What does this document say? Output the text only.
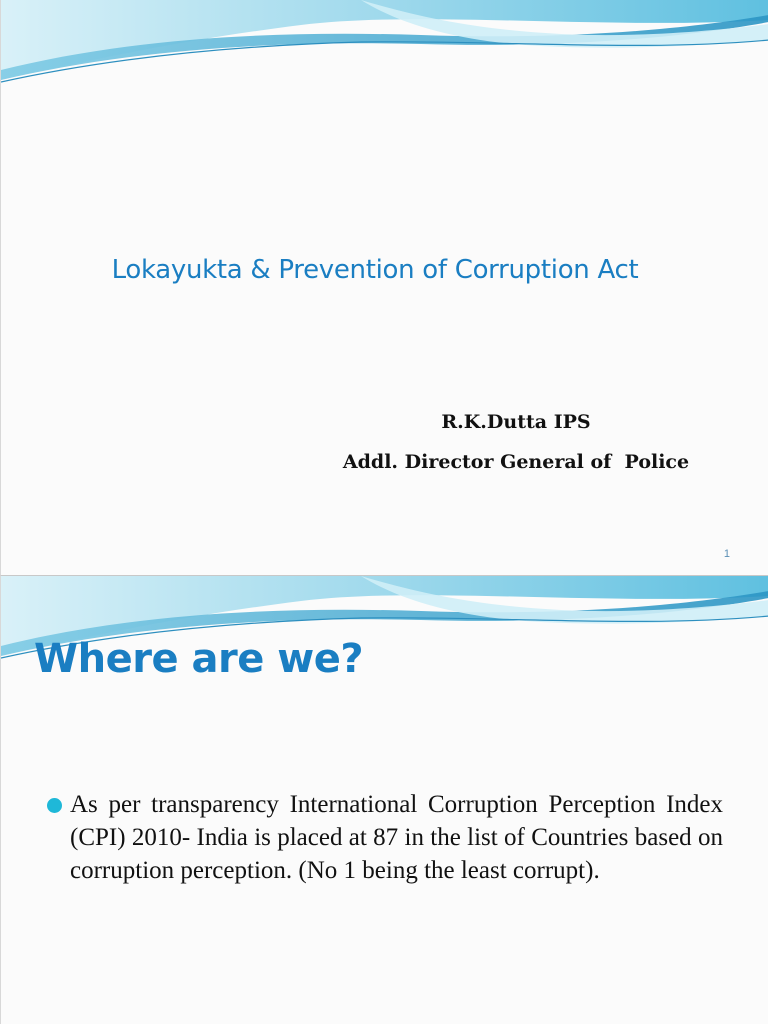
Lokayukta & Prevention of Corruption Act
R.K.Dutta IPS
Addl. Director General of  Police
1
Where are we?
As per transparency International Corruption Perception Index (CPI) 2010- India is placed at 87 in the list of Countries based on corruption perception. (No 1 being the least corrupt).
